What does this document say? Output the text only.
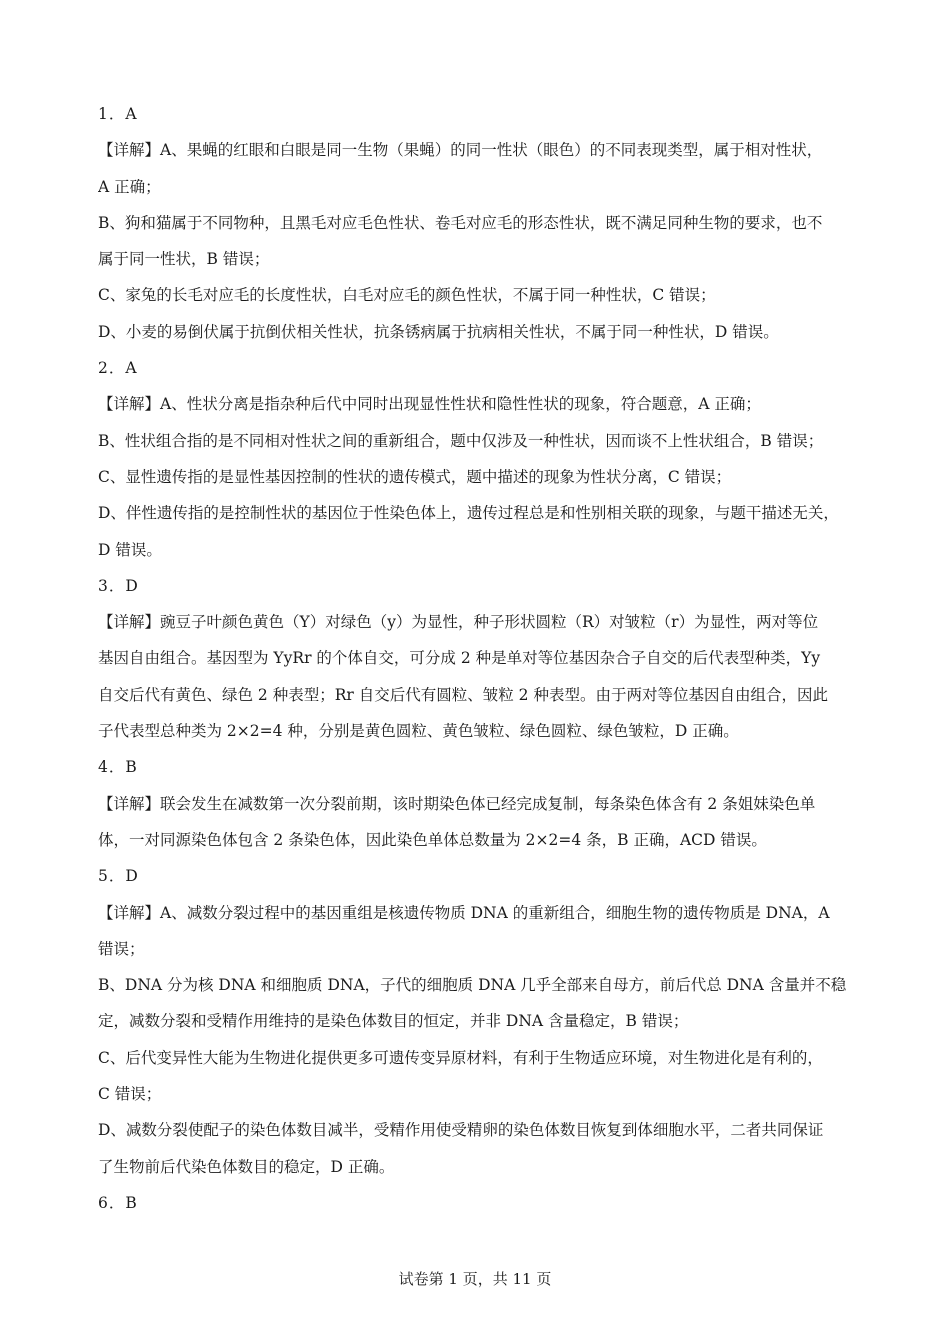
1．A
【详解】A、果蝇的红眼和白眼是同一生物（果蝇）的同一性状（眼色）的不同表现类型，属于相对性状，
A 正确；
B、狗和猫属于不同物种，且黑毛对应毛色性状、卷毛对应毛的形态性状，既不满足同种生物的要求，也不
属于同一性状，B 错误；
C、家兔的长毛对应毛的长度性状，白毛对应毛的颜色性状，不属于同一种性状，C 错误；
D、小麦的易倒伏属于抗倒伏相关性状，抗条锈病属于抗病相关性状，不属于同一种性状，D 错误。
2．A
【详解】A、性状分离是指杂种后代中同时出现显性性状和隐性性状的现象，符合题意，A 正确；
B、性状组合指的是不同相对性状之间的重新组合，题中仅涉及一种性状，因而谈不上性状组合，B 错误；
C、显性遗传指的是显性基因控制的性状的遗传模式，题中描述的现象为性状分离，C 错误；
D、伴性遗传指的是控制性状的基因位于性染色体上，遗传过程总是和性别相关联的现象，与题干描述无关，
D 错误。
3．D
【详解】豌豆子叶颜色黄色（Y）对绿色（y）为显性，种子形状圆粒（R）对皱粒（r）为显性，两对等位
基因自由组合。基因型为 YyRr 的个体自交，可分成 2 种是单对等位基因杂合子自交的后代表型种类，Yy
自交后代有黄色、绿色 2 种表型；Rr 自交后代有圆粒、皱粒 2 种表型。由于两对等位基因自由组合，因此
子代表型总种类为 2×2=4 种，分别是黄色圆粒、黄色皱粒、绿色圆粒、绿色皱粒，D 正确。
4．B
【详解】联会发生在减数第一次分裂前期，该时期染色体已经完成复制，每条染色体含有 2 条姐妹染色单
体，一对同源染色体包含 2 条染色体，因此染色单体总数量为 2×2=4 条，B 正确，ACD 错误。
5．D
【详解】A、减数分裂过程中的基因重组是核遗传物质 DNA 的重新组合，细胞生物的遗传物质是 DNA，A
错误；
B、DNA 分为核 DNA 和细胞质 DNA，子代的细胞质 DNA 几乎全部来自母方，前后代总 DNA 含量并不稳
定，减数分裂和受精作用维持的是染色体数目的恒定，并非 DNA 含量稳定，B 错误；
C、后代变异性大能为生物进化提供更多可遗传变异原材料，有利于生物适应环境，对生物进化是有利的，
C 错误；
D、减数分裂使配子的染色体数目减半，受精作用使受精卵的染色体数目恢复到体细胞水平，二者共同保证
了生物前后代染色体数目的稳定，D 正确。
6．B
试卷第 1 页，共 11 页
